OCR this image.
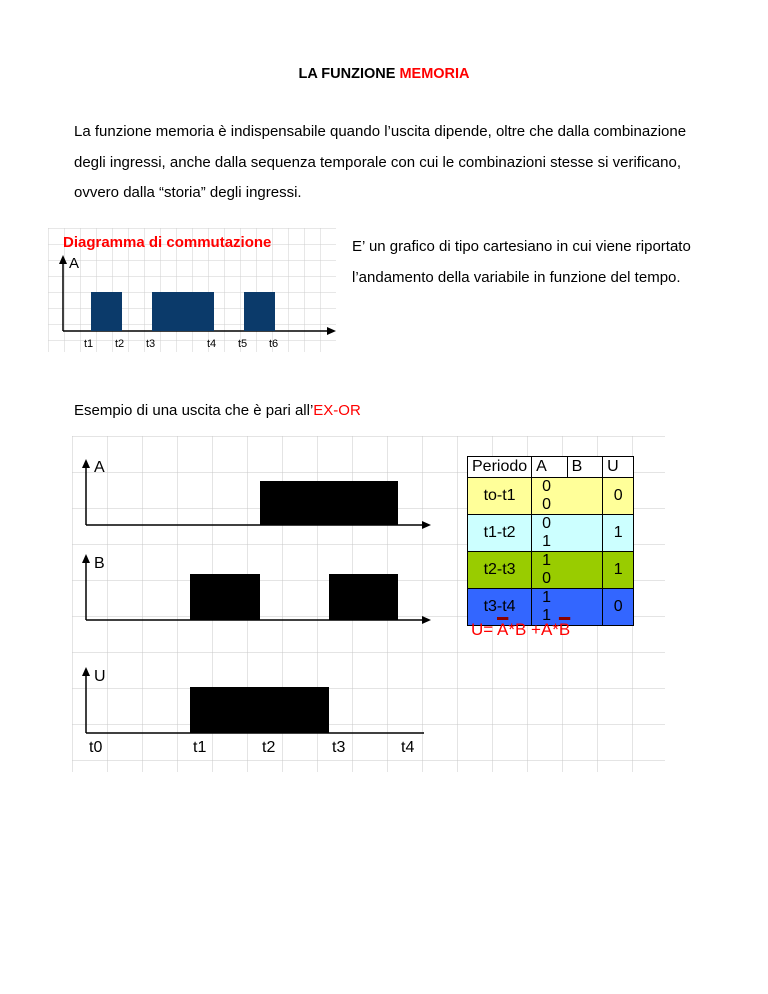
LA FUNZIONE MEMORIA
La funzione memoria è indispensabile quando l’uscita dipende, oltre che dalla combinazione degli ingressi, anche dalla sequenza temporale con cui le combinazioni stesse si verificano, ovvero dalla “storia” degli ingressi.
Diagramma di commutazione
A
t1 t2 t3	t4 t5 t6
A
B
U
t0	t1	t2	t3	t4
E’ un grafico di tipo cartesiano in cui viene riportato l’andamento della variabile in funzione del tempo.
Esempio di una uscita che è pari all’EX-OR
Periodo	A	B	U
to-t1	0 0		0
t1-t2	0 1		1
t2-t3	1 0		1
t3-t4	1 1		0
$U= \overline{A}*B +A*\overline{B}$
